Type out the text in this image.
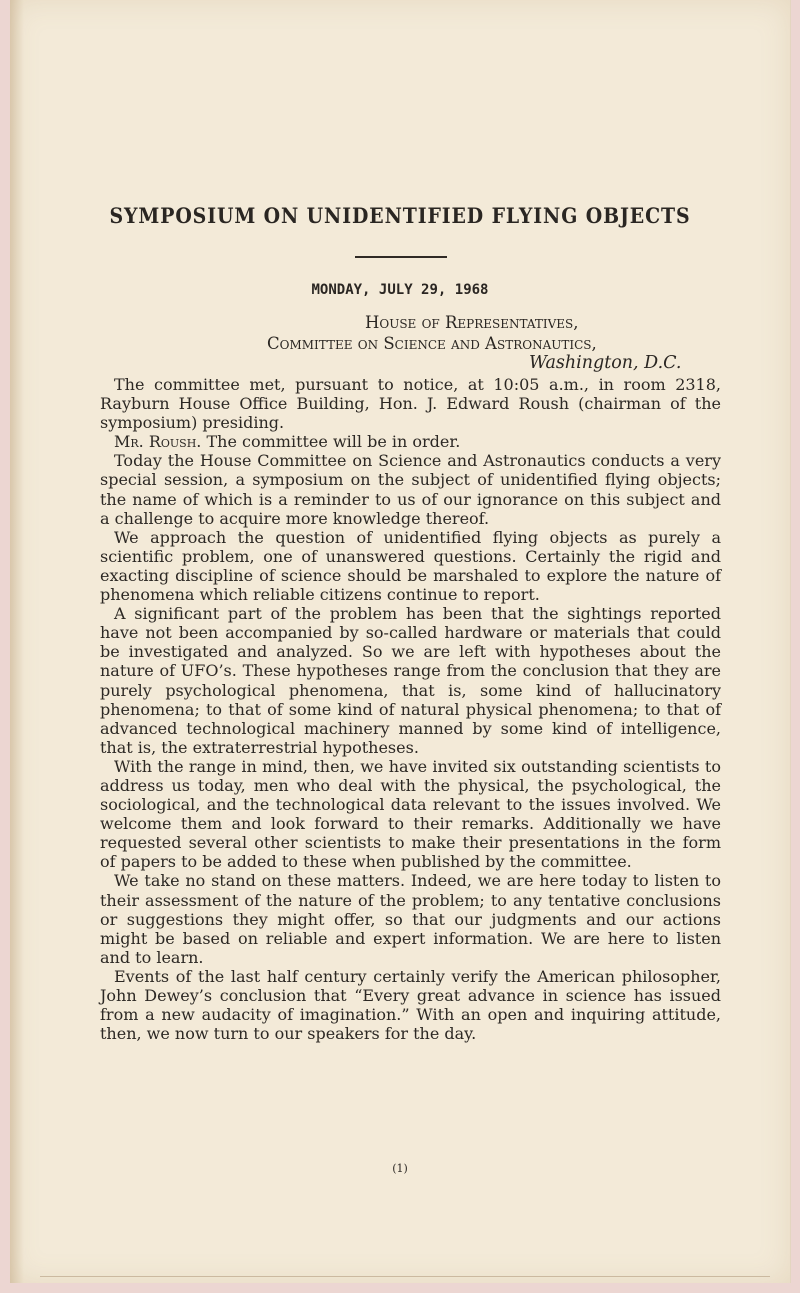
SYMPOSIUM ON UNIDENTIFIED FLYING OBJECTS

MONDAY, JULY 29, 1968

House of Representatives,
Committee on Science and Astronautics,
Washington, D.C.

The committee met, pursuant to notice, at 10:05 a.m., in room 2318, Rayburn House Office Building, Hon. J. Edward Roush (chairman of the symposium) presiding.

Mr. Roush. The committee will be in order.

Today the House Committee on Science and Astronautics conducts a very special session, a symposium on the subject of unidentified flying objects; the name of which is a reminder to us of our ignorance on this subject and a challenge to acquire more knowledge thereof.

We approach the question of unidentified flying objects as purely a scientific problem, one of unanswered questions. Certainly the rigid and exacting discipline of science should be marshaled to explore the nature of phenomena which reliable citizens continue to report.

A significant part of the problem has been that the sightings reported have not been accompanied by so-called hardware or materials that could be investigated and analyzed. So we are left with hypotheses about the nature of UFO’s. These hypotheses range from the conclusion that they are purely psychological phenomena, that is, some kind of hallucinatory phenomena; to that of some kind of natural physical phenomena; to that of advanced technological machinery manned by some kind of intelligence, that is, the extraterrestrial hypotheses.

With the range in mind, then, we have invited six outstanding scientists to address us today, men who deal with the physical, the psychological, the sociological, and the technological data relevant to the issues involved. We welcome them and look forward to their remarks. Additionally we have requested several other scientists to make their presentations in the form of papers to be added to these when published by the committee.

We take no stand on these matters. Indeed, we are here today to listen to their assessment of the nature of the problem; to any tentative conclusions or suggestions they might offer, so that our judgments and our actions might be based on reliable and expert information. We are here to listen and to learn.

Events of the last half century certainly verify the American philosopher, John Dewey’s conclusion that “Every great advance in science has issued from a new audacity of imagination.” With an open and inquiring attitude, then, we now turn to our speakers for the day.

(1)
